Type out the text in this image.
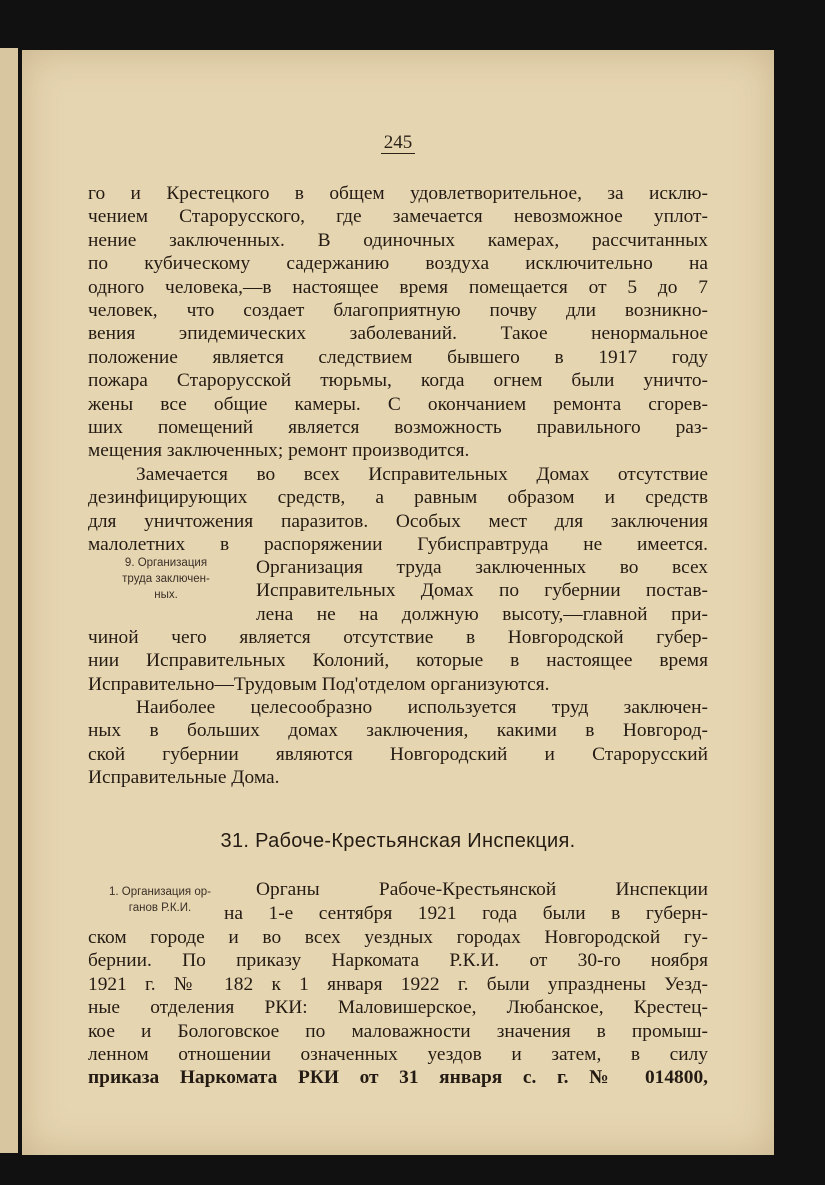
245
го и Крестецкого в общем удовлетворительное, за исклю-
чением Старорусского, где замечается невозможное уплот-
нение заключенных. В одиночных камерах, рассчитанных
по кубическому садержанию воздуха исключительно на
одного человека,—в настоящее время помещается от 5 до 7
человек, что создает благоприятную почву дли возникно-
вения эпидемических заболеваний. Такое ненормальное
положение является следствием бывшего в 1917 году
пожара Старорусской тюрьмы, когда огнем были уничто-
жены все общие камеры. С окончанием ремонта сгорев-
ших помещений является возможность правильного раз-
мещения заключенных; ремонт производится.
Замечается во всех Исправительных Домах отсутствие
дезинфицирующих средств, а равным образом и средств
для уничтожения паразитов. Особых мест для заключения
малолетних в распоряжении Губисправтруда не имеется.
9. Организация
труда заключен-
ных.
Организация труда заключенных во всех
Исправительных Домах по губернии постав-
лена не на должную высоту,—главной при-
чиной чего является отсутствие в Новгородской губер-
нии Исправительных Колоний, которые в настоящее время
Исправительно—Трудовым Под'отделом организуются.
Наиболее целесообразно используется труд заключен-
ных в больших домах заключения, какими в Новгород-
ской губернии являются Новгородский и Старорусский
Исправительные Дома.
31. Рабоче-Крестьянская Инспекция.
1. Организация ор-
ганов Р.К.И.
Органы Рабоче-Крестьянской Инспекции
на 1-е сентября 1921 года были в губерн-
ском городе и во всех уездных городах Новгородской гу-
бернии. По приказу Наркомата Р.К.И. от 30-го ноября
1921 г. № 182 к 1 января 1922 г. были упразднены Уезд-
ные отделения РКИ: Маловишерское, Любанское, Крестец-
кое и Бологовское по маловажности значения в промыш-
ленном отношении означенных уездов и затем, в силу
приказа Наркомата РКИ от 31 января с. г. № 014800,
